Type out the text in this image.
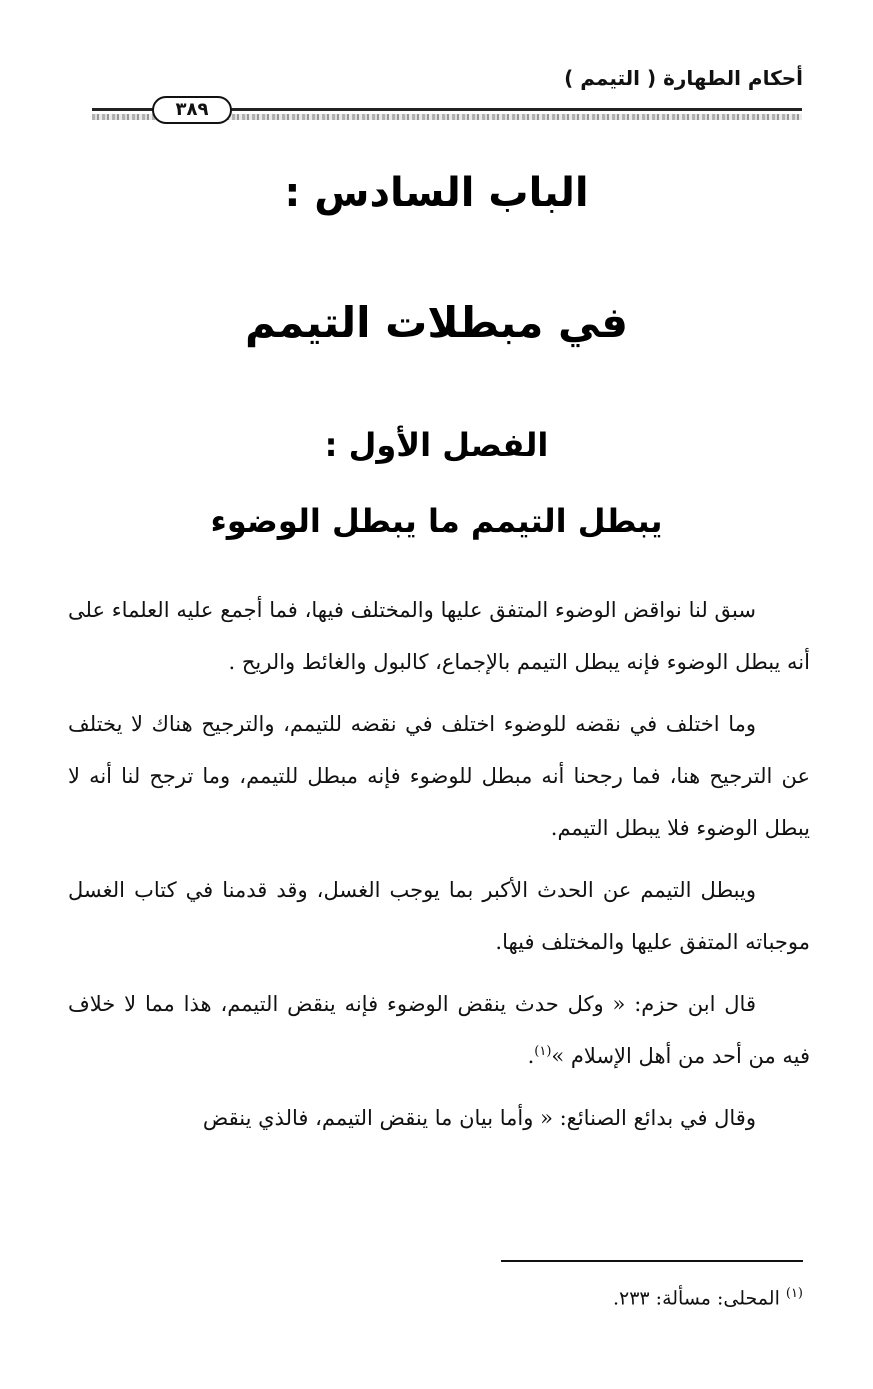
أحكام الطهارة ( التيمم )
٣٨٩
الباب السادس :
في مبطلات التيمم
الفصل الأول :
يبطل التيمم ما يبطل الوضوء

سبق لنا نواقض الوضوء المتفق عليها والمختلف فيها، فما أجمع عليه العلماء على أنه يبطل الوضوء فإنه يبطل التيمم بالإجماع، كالبول والغائط والريح .

وما اختلف في نقضه للوضوء اختلف في نقضه للتيمم، والترجيح هناك لا يختلف عن الترجيح هنا، فما رجحنا أنه مبطل للوضوء فإنه مبطل للتيمم، وما ترجح لنا أنه لا يبطل الوضوء فلا يبطل التيمم.

ويبطل التيمم عن الحدث الأكبر بما يوجب الغسل، وقد قدمنا في كتاب الغسل موجباته المتفق عليها والمختلف فيها.

قال ابن حزم: « وكل حدث ينقض الوضوء فإنه ينقض التيمم، هذا مما لا خلاف فيه من أحد من أهل الإسلام »$^{(١)}$.

وقال في بدائع الصنائع: « وأما بيان ما ينقض التيمم، فالذي ينقض

$^{(١)}$المحلى: مسألة: ٢٣٣.
